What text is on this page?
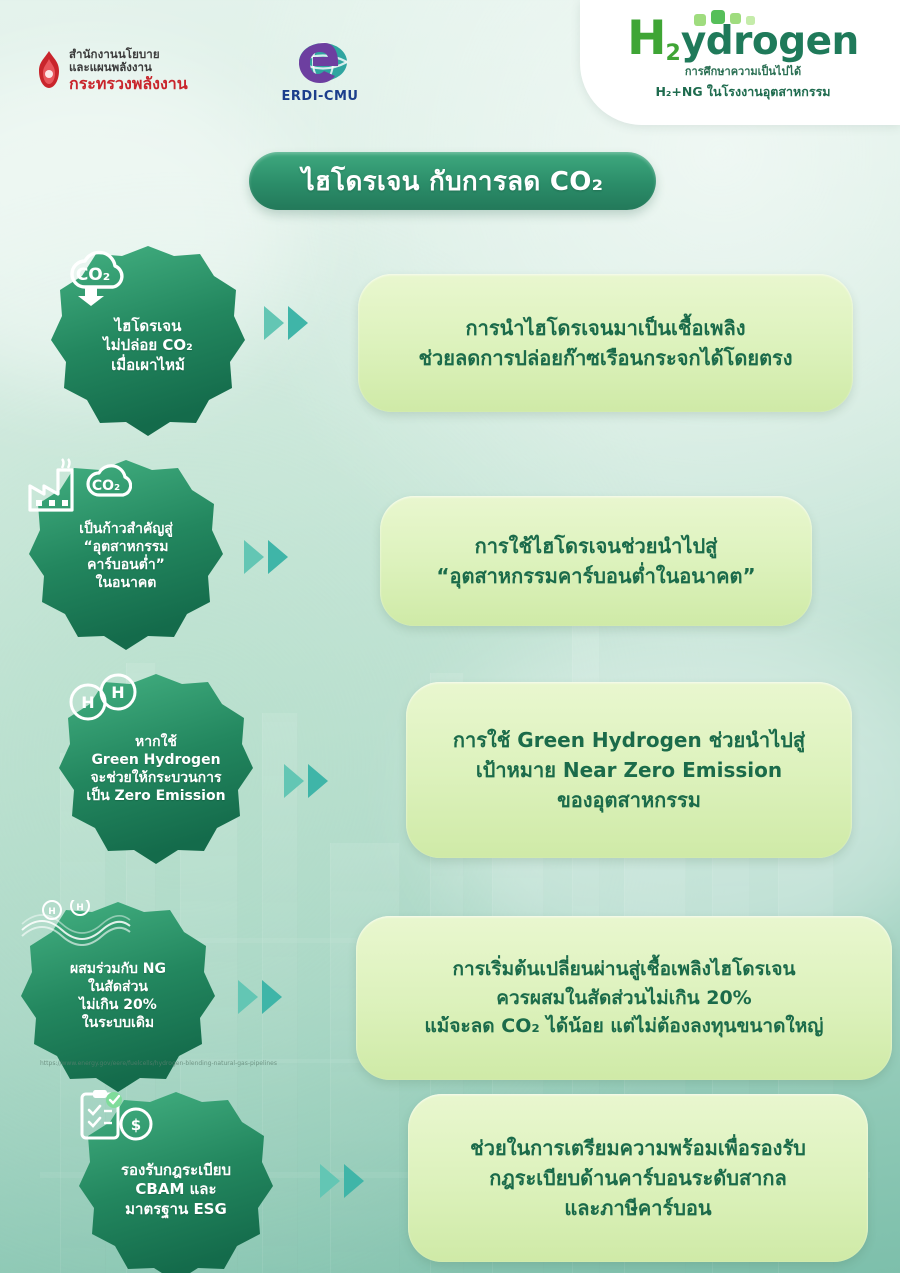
สำนักงานนโยบาย
และแผนพลังงาน
กระทรวงพลังงาน
ERDI-CMU
H 2 ydrogen
การศึกษาความเป็นไปได้
H₂+NG ในโรงงานอุตสาหกรรม
ไฮโดรเจน กับการลด CO₂
CO₂
ไฮโดรเจน
ไม่ปล่อย CO₂
เมื่อเผาไหม้
การนำไฮโดรเจนมาเป็นเชื้อเพลิง
ช่วยลดการปล่อยก๊าซเรือนกระจกได้โดยตรง
CO₂
เป็นก้าวสำคัญสู่
“อุตสาหกรรม
คาร์บอนต่ำ”
ในอนาคต
การใช้ไฮโดรเจนช่วยนำไปสู่
“อุตสาหกรรมคาร์บอนต่ำในอนาคต”
H
H
หากใช้
Green Hydrogen
จะช่วยให้กระบวนการ
เป็น Zero Emission
การใช้ Green Hydrogen ช่วยนำไปสู่
เป้าหมาย Near Zero Emission
ของอุตสาหกรรม
H H
ผสมร่วมกับ NG
ในสัดส่วน
ไม่เกิน 20%
ในระบบเดิม
https://www.energy.gov/eere/fuelcells/hydrogen-blending-natural-gas-pipelines
การเริ่มต้นเปลี่ยนผ่านสู่เชื้อเพลิงไฮโดรเจน
ควรผสมในสัดส่วนไม่เกิน 20%
แม้จะลด CO₂ ได้น้อย แต่ไม่ต้องลงทุนขนาดใหญ่
$
รองรับกฎระเบียบ
CBAM และ
มาตรฐาน ESG
ช่วยในการเตรียมความพร้อมเพื่อรองรับ
กฎระเบียบด้านคาร์บอนระดับสากล
และภาษีคาร์บอน
